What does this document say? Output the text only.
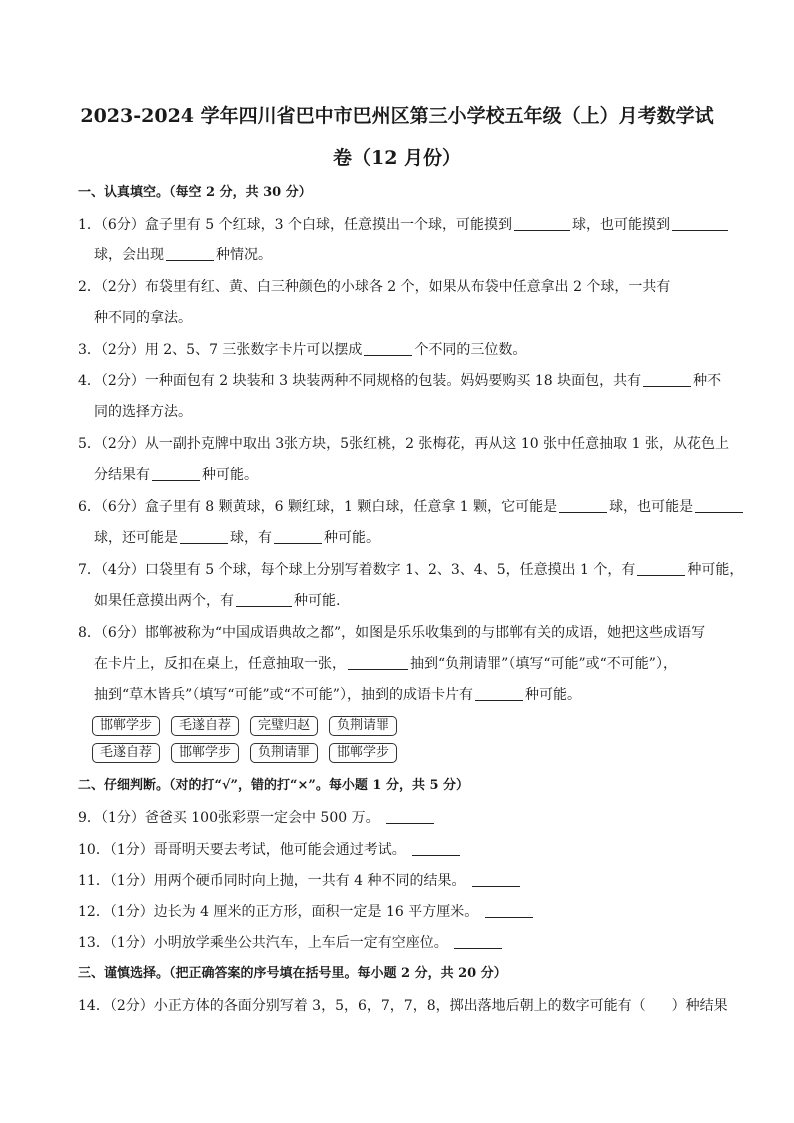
2023-2024 学年四川省巴中市巴州区第三小学校五年级（上）月考数学试
卷（12 月份）
一、认真填空。（每空 2 分，共 30 分）
1．（6分）盒子里有 5 个红球，3 个白球，任意摸出一个球，可能摸到	球，也可能摸到
球，会出现	种情况。
2．（2分）布袋里有红、黄、白三种颜色的小球各 2 个，如果从布袋中任意拿出 2 个球，一共有
种不同的拿法。
3．（2分）用 2、5、7 三张数字卡片可以摆成	个不同的三位数。
4．（2分）一种面包有 2 块装和 3 块装两种不同规格的包装。妈妈要购买 18 块面包，共有	种不
同的选择方法。
5．（2分）从一副扑克牌中取出 3张方块，5张红桃，2 张梅花，再从这 10 张中任意抽取 1 张，从花色上
分结果有	种可能。
6．（6分）盒子里有 8 颗黄球，6 颗红球，1 颗白球，任意拿 1 颗，它可能是	球，也可能是
球，还可能是	球，有	种可能。
7．（4分）口袋里有 5 个球，每个球上分别写着数字 1、2、3、4、5，任意摸出 1 个，有	种可能，
如果任意摸出两个，有	种可能.
8．（6分）邯郸被称为“中国成语典故之都”，如图是乐乐收集到的与邯郸有关的成语，她把这些成语写
在卡片上，反扣在桌上，任意抽取一张，	抽到“负荆请罪”（填写“可能”或“不可能”），
抽到“草木皆兵”（填写“可能”或“不可能”），抽到的成语卡片有	种可能。
邯郸学步	毛遂自荐	完璧归赵	负荆请罪
毛遂自荐	邯郸学步	负荆请罪	邯郸学步
二、仔细判断。（对的打“√”，错的打“×”。每小题 1 分，共 5 分）
9．（1分）爸爸买 100张彩票一定会中 500 万。
10．（1分）哥哥明天要去考试，他可能会通过考试。
11．（1分）用两个硬币同时向上抛，一共有 4 种不同的结果。
12．（1分）边长为 4 厘米的正方形，面积一定是 16 平方厘米。
13．（1分）小明放学乘坐公共汽车，上车后一定有空座位。
三、谨慎选择。（把正确答案的序号填在括号里。每小题 2 分，共 20 分）
14．（2分）小正方体的各面分别写着 3，5，6，7，7，8，掷出落地后朝上的数字可能有（ ）种结果
